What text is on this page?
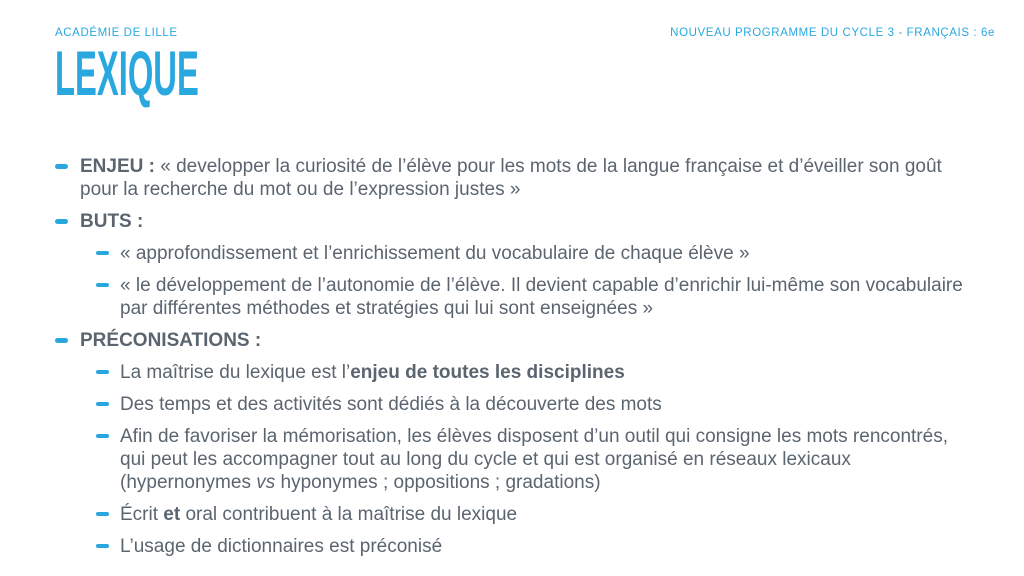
ACADÉMIE DE LILLE	NOUVEAU PROGRAMME DU CYCLE 3 - FRANÇAIS : 6e
LEXIQUE
ENJEU : « developper la curiosité de l’élève pour les mots de la langue française et d’éveiller son goût pour la recherche du mot ou de l’expression justes »
BUTS :
« approfondissement et l’enrichissement du vocabulaire de chaque élève »
« le développement de l’autonomie de l’élève. Il devient capable d’enrichir lui-même son vocabulaire par différentes méthodes et stratégies qui lui sont enseignées »
PRÉCONISATIONS :
La maîtrise du lexique est l’enjeu de toutes les disciplines
Des temps et des activités sont dédiés à la découverte des mots
Afin de favoriser la mémorisation, les élèves disposent d’un outil qui consigne les mots rencontrés, qui peut les accompagner tout au long du cycle et qui est organisé en réseaux lexicaux (hypernonymes vs hyponymes ; oppositions ; gradations)
Écrit et oral contribuent à la maîtrise du lexique
L’usage de dictionnaires est préconisé
